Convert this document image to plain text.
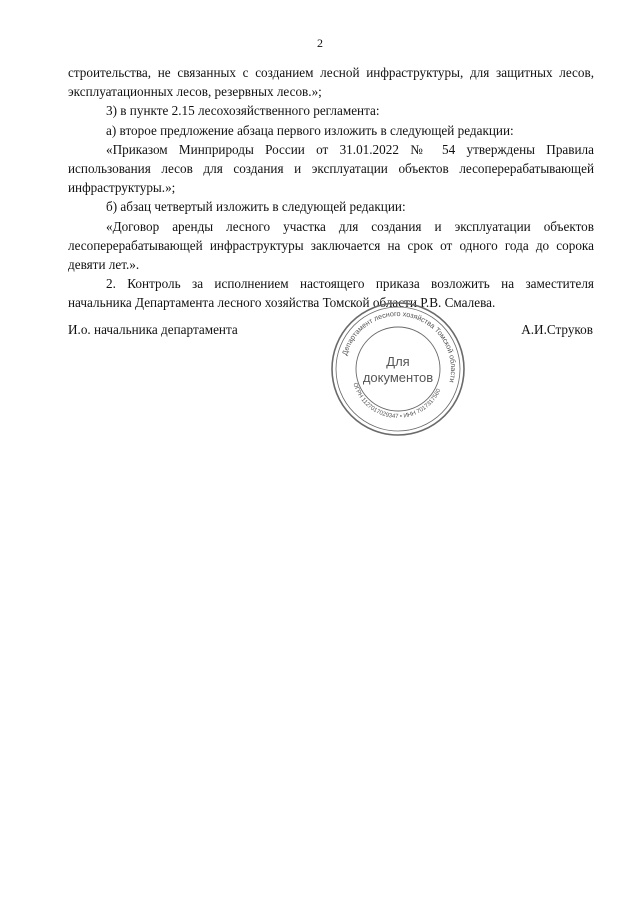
2

строительства, не связанных с созданием лесной инфраструктуры, для защитных лесов, эксплуатационных лесов, резервных лесов.»;

3) в пункте 2.15 лесохозяйственного регламента:

а) второе предложение абзаца первого изложить в следующей редакции:

«Приказом Минприроды России от 31.01.2022 № 54 утверждены Правила использования лесов для создания и эксплуатации объектов лесоперерабатывающей инфраструктуры.»;

б) абзац четвертый изложить в следующей редакции:

«Договор аренды лесного участка для создания и эксплуатации объектов лесоперерабатывающей инфраструктуры заключается на срок от одного года до сорока девяти лет.».

2. Контроль за исполнением настоящего приказа возложить на заместителя начальника Департамента лесного хозяйства Томской области Р.В. Смалева.

И.о. начальника департамента	А.И.Струков
Департамент лесного хозяйства Томской области
ОГРН 1127017029347 • ИНН 7017317560
Для
документов
